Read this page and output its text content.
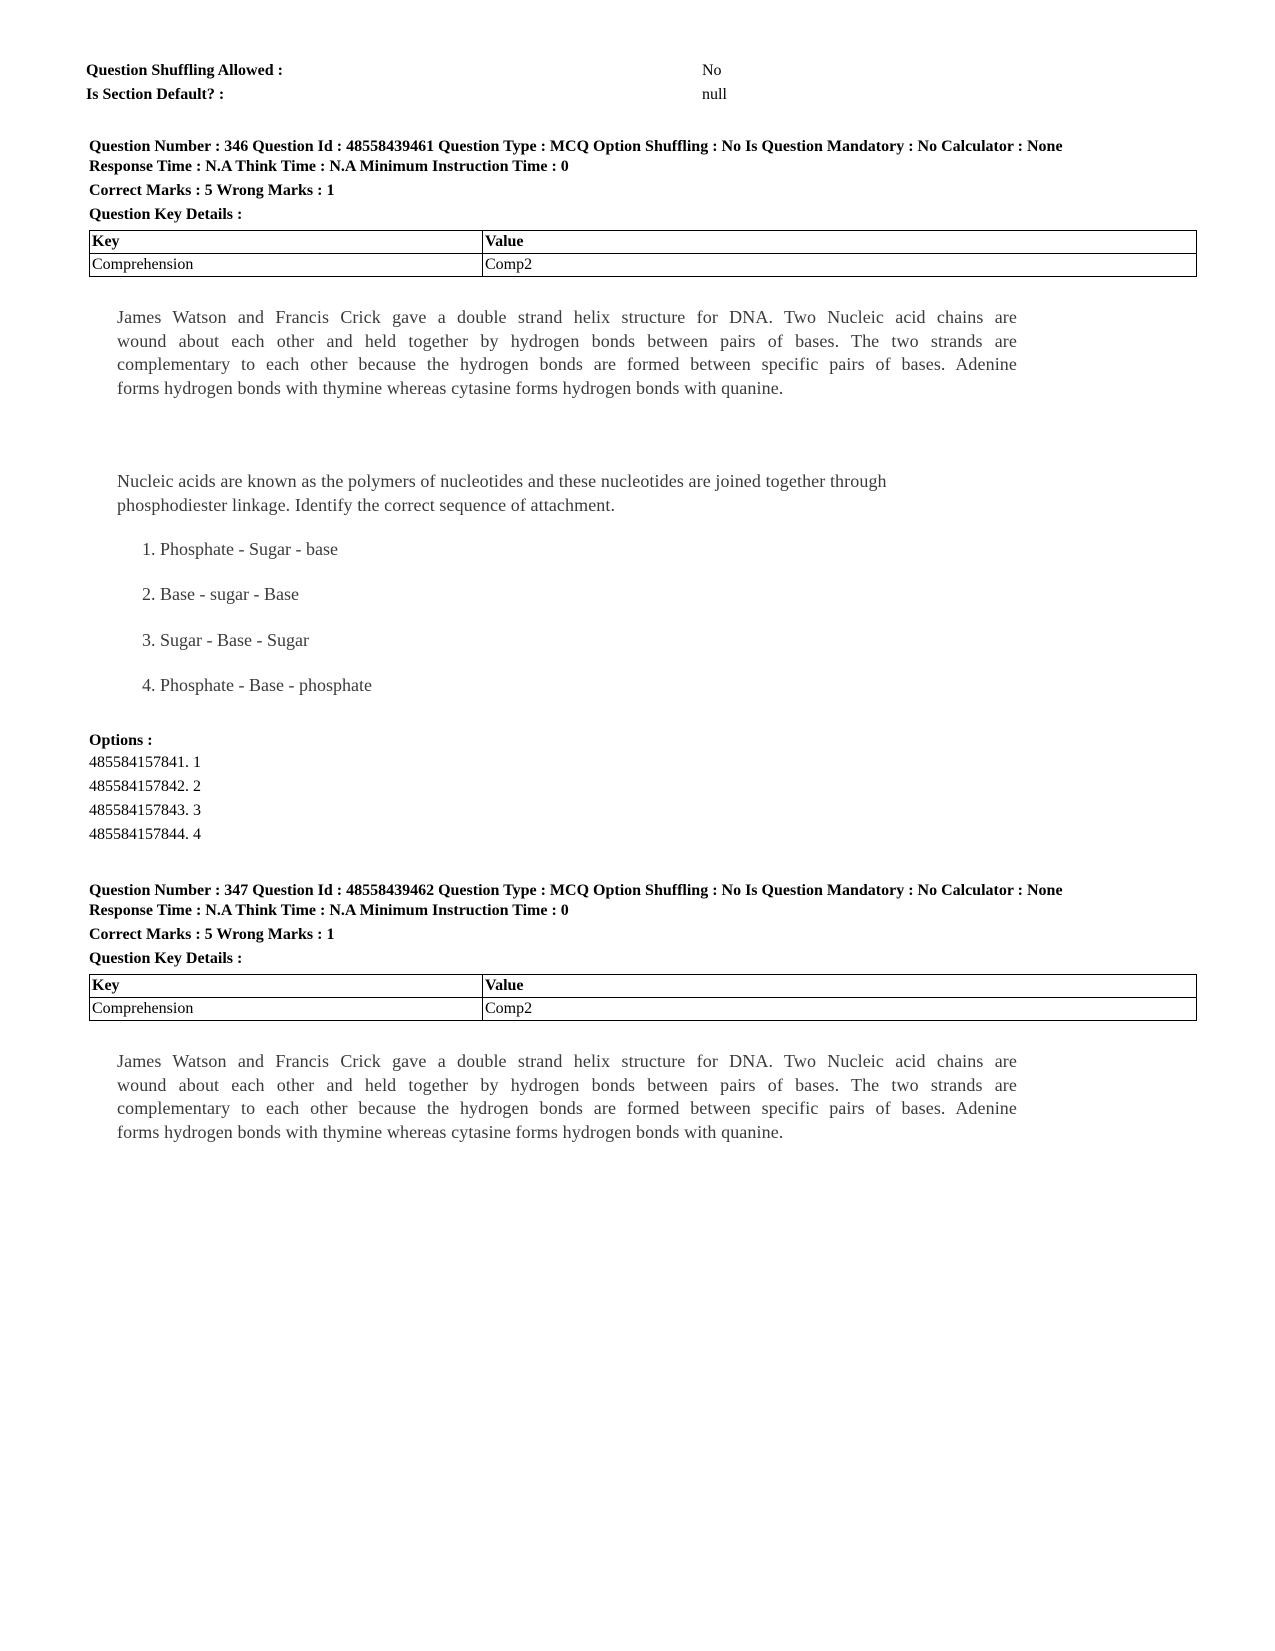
Question Shuffling Allowed :	No
Is Section Default? :	null
Question Number : 346 Question Id : 48558439461 Question Type : MCQ Option Shuffling : No Is Question Mandatory : No Calculator : None
Response Time : N.A Think Time : N.A Minimum Instruction Time : 0
Correct Marks : 5 Wrong Marks : 1
Question Key Details :
Key	Value
Comprehension	Comp2

James Watson and Francis Crick gave a double strand helix structure for DNA. Two Nucleic acid chains are

wound about each other and held together by hydrogen bonds between pairs of bases. The two strands are

complementary to each other because the hydrogen bonds are formed between specific pairs of bases. Adenine

forms hydrogen bonds with thymine whereas cytasine forms hydrogen bonds with quanine.

Nucleic acids are known as the polymers of nucleotides and these nucleotides are joined together through

phosphodiester linkage. Identify the correct sequence of attachment.

1. Phosphate - Sugar - base
2. Base - sugar - Base
3. Sugar - Base - Sugar
4. Phosphate - Base - phosphate
Options :
485584157841. 1
485584157842. 2
485584157843. 3
485584157844. 4
Question Number : 347 Question Id : 48558439462 Question Type : MCQ Option Shuffling : No Is Question Mandatory : No Calculator : None
Response Time : N.A Think Time : N.A Minimum Instruction Time : 0
Correct Marks : 5 Wrong Marks : 1
Question Key Details :
Key	Value
Comprehension	Comp2

James Watson and Francis Crick gave a double strand helix structure for DNA. Two Nucleic acid chains are

wound about each other and held together by hydrogen bonds between pairs of bases. The two strands are

complementary to each other because the hydrogen bonds are formed between specific pairs of bases. Adenine

forms hydrogen bonds with thymine whereas cytasine forms hydrogen bonds with quanine.
